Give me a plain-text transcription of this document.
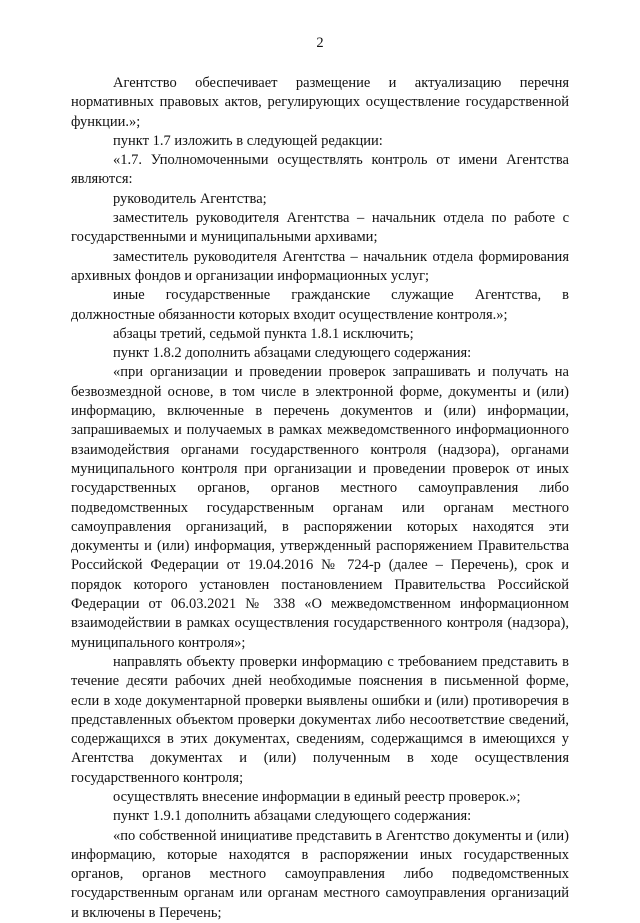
2

Агентство обеспечивает размещение и актуализацию перечня нормативных правовых актов, регулирующих осуществление государственной функции.»;

пункт 1.7 изложить в следующей редакции:

«1.7. Уполномоченными осуществлять контроль от имени Агентства являются:

руководитель Агентства;

заместитель руководителя Агентства – начальник отдела по работе с государственными и муниципальными архивами;

заместитель руководителя Агентства – начальник отдела формирования архивных фондов и организации информационных услуг;

иные государственные гражданские служащие Агентства, в должностные обязанности которых входит осуществление контроля.»;

абзацы третий, седьмой пункта 1.8.1 исключить;

пункт 1.8.2 дополнить абзацами следующего содержания:

«при организации и проведении проверок запрашивать и получать на безвозмездной основе, в том числе в электронной форме, документы и (или) информацию, включенные в перечень документов и (или) информации, запрашиваемых и получаемых в рамках межведомственного информационного взаимодействия органами государственного контроля (надзора), органами муниципального контроля при организации и проведении проверок от иных государственных органов, органов местного самоуправления либо подведомственных государственным органам или органам местного самоуправления организаций, в распоряжении которых находятся эти документы и (или) информация, утвержденный распоряжением Правительства Российской Федерации от 19.04.2016 № 724-р (далее – Перечень), срок и порядок которого установлен постановлением Правительства Российской Федерации от 06.03.2021 № 338 «О межведомственном информационном взаимодействии в рамках осуществления государственного контроля (надзора), муниципального контроля»;

направлять объекту проверки информацию с требованием представить в течение десяти рабочих дней необходимые пояснения в письменной форме, если в ходе документарной проверки выявлены ошибки и (или) противоречия в представленных объектом проверки документах либо несоответствие сведений, содержащихся в этих документах, сведениям, содержащимся в имеющихся у Агентства документах и (или) полученным в ходе осуществления государственного контроля;

осуществлять внесение информации в единый реестр проверок.»;

пункт 1.9.1 дополнить абзацами следующего содержания:

«по собственной инициативе представить в Агентство документы и (или) информацию, которые находятся в распоряжении иных государственных органов, органов местного самоуправления либо подведомственных государственным органам или органам местного самоуправления организаций и включены в Перечень;
